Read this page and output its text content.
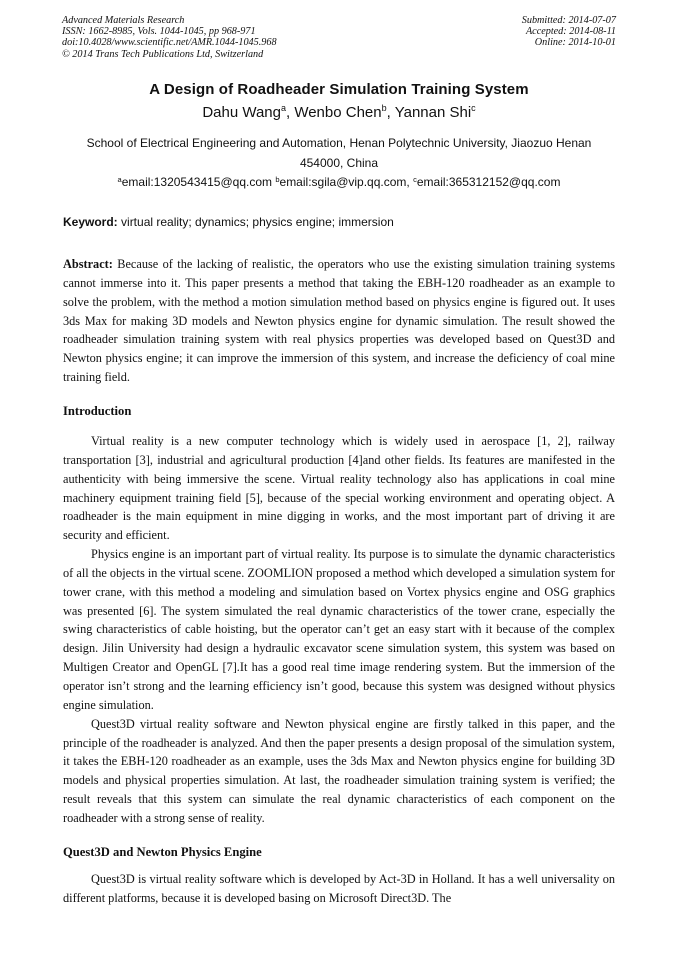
Advanced Materials Research
ISSN: 1662-8985, Vols. 1044-1045, pp 968-971
doi:10.4028/www.scientific.net/AMR.1044-1045.968
© 2014 Trans Tech Publications Ltd, Switzerland
Submitted: 2014-07-07
Accepted: 2014-08-11
Online: 2014-10-01
A Design of Roadheader Simulation Training System
Dahu Wang$^a$, Wenbo Chen$^b$, Yannan Shi$^c$
School of Electrical Engineering and Automation, Henan Polytechnic University, Jiaozuo Henan 454000, China
$^a$email:1320543415@qq.com $^b$email:sgila@vip.qq.com, $^c$email:365312152@qq.com
Keyword: virtual reality; dynamics; physics engine; immersion
Abstract: Because of the lacking of realistic, the operators who use the existing simulation training systems cannot immerse into it. This paper presents a method that taking the EBH-120 roadheader as an example to solve the problem, with the method a motion simulation method based on physics engine is figured out. It uses 3ds Max for making 3D models and Newton physics engine for dynamic simulation. The result showed the roadheader simulation training system with real physics properties was developed based on Quest3D and Newton physics engine; it can improve the immersion of this system, and increase the deficiency of coal mine training field.
Introduction

Virtual reality is a new computer technology which is widely used in aerospace [1, 2], railway transportation [3], industrial and agricultural production [4]and other fields. Its features are manifested in the authenticity with being immersive the scene. Virtual reality technology also has applications in coal mine machinery equipment training field [5], because of the special working environment and operating object. A roadheader is the main equipment in mine digging in works, and the most important part of driving it are security and efficient.

Physics engine is an important part of virtual reality. Its purpose is to simulate the dynamic characteristics of all the objects in the virtual scene. ZOOMLION proposed a method which developed a simulation system for tower crane, with this method a modeling and simulation based on Vortex physics engine and OSG graphics was presented [6]. The system simulated the real dynamic characteristics of the tower crane, especially the swing characteristics of cable hoisting, but the operator can’t get an easy start with it because of the complex design. Jilin University had design a hydraulic excavator scene simulation system, this system was based on Multigen Creator and OpenGL [7].It has a good real time image rendering system. But the immersion of the operator isn’t strong and the learning efficiency isn’t good, because this system was designed without physics engine simulation.

Quest3D virtual reality software and Newton physical engine are firstly talked in this paper, and the principle of the roadheader is analyzed. And then the paper presents a design proposal of the simulation system, it takes the EBH-120 roadheader as an example, uses the 3ds Max and Newton physics engine for building 3D models and physical properties simulation. At last, the roadheader simulation training system is verified; the result reveals that this system can simulate the real dynamic characteristics of each component on the roadheader with a strong sense of reality.

Quest3D and Newton Physics Engine

Quest3D is virtual reality software which is developed by Act-3D in Holland. It has a well universality on different platforms, because it is developed basing on Microsoft Direct3D. The
